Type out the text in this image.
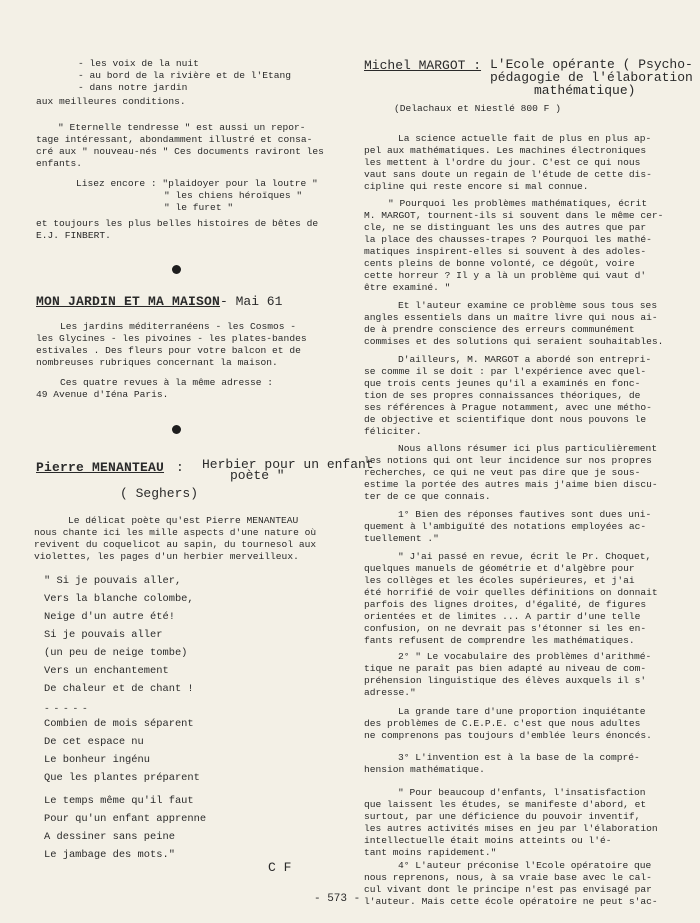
- les voix de la nuit
- au bord de la rivière et de l'Etang
- dans notre jardin
aux meilleures conditions.
" Eternelle tendresse " est aussi un repor-
tage intéressant, abondamment illustré et consa-
cré aux " nouveau-nés " Ces documents raviront les
enfants.
Lisez encore : "plaidoyer pour la loutre "
" les chiens héroïques "
" le furet "
et toujours les plus belles histoires de bêtes de
E.J. FINBERT.
MON JARDIN ET MA MAISON - Mai 61
Les jardins méditerranéens - les Cosmos -
les Glycines - les pivoines - les plates-bandes
estivales . Des fleurs pour votre balcon et de
nombreuses rubriques concernant la maison.
Ces quatre revues à la même adresse :
49 Avenue d'Iéna Paris.
Pierre MENANTEAU : Herbier pour un enfant
poète "
( Seghers)
Le délicat poète qu'est Pierre MENANTEAU
nous chante ici les mille aspects d'une nature où
revivent du coquelicot au sapin, du tournesol aux
violettes, les pages d'un herbier merveilleux.
" Si je pouvais aller,
Vers la blanche colombe,
Neige d'un autre été!
Si je pouvais aller
(un peu de neige tombe)
Vers un enchantement
De chaleur et de chant !
- - - - -
Combien de mois séparent
De cet espace nu
Le bonheur ingénu
Que les plantes préparent
Le temps même qu'il faut
Pour qu'un enfant apprenne
A dessiner sans peine
Le jambage des mots."
C F
Michel MARGOT : L'Ecole opérante ( Psycho-
pédagogie de l'élaboration
mathématique)
(Delachaux et Niestlé 800 F )
La science actuelle fait de plus en plus ap-
pel aux mathématiques. Les machines électroniques
les mettent à l'ordre du jour. C'est ce qui nous
vaut sans doute un regain de l'étude de cette dis-
cipline qui reste encore si mal connue.
" Pourquoi les problèmes mathématiques, écrit
M. MARGOT, tournent-ils si souvent dans le même cer-
cle, ne se distinguant les uns des autres que par
la place des chausses-trapes ? Pourquoi les mathé-
matiques inspirent-elles si souvent à des adoles-
cents pleins de bonne volonté, ce dégoût, voire
cette horreur ? Il y a là un problème qui vaut d'
être examiné. "
Et l'auteur examine ce problème sous tous ses
angles essentiels dans un maître livre qui nous ai-
de à prendre conscience des erreurs communément
commises et des solutions qui seraient souhaitables.
D'ailleurs, M. MARGOT a abordé son entrepri-
se comme il se doit : par l'expérience avec quel-
que trois cents jeunes qu'il a examinés en fonc-
tion de ses propres connaissances théoriques, de
ses références à Prague notamment, avec une métho-
de objective et scientifique dont nous pouvons le
féliciter.
Nous allons résumer ici plus particulièrement
les notions qui ont leur incidence sur nos propres
recherches, ce qui ne veut pas dire que je sous-
estime la portée des autres mais j'aime bien discu-
ter de ce que connais.
1° Bien des réponses fautives sont dues uni-
quement à l'ambiguïté des notations employées ac-
tuellement ."
" J'ai passé en revue, écrit le Pr. Choquet,
quelques manuels de géométrie et d'algèbre pour
les collèges et les écoles supérieures, et j'ai
été horrifié de voir quelles définitions on donnait
parfois des lignes droites, d'égalité, de figures
orientées et de limites ... A partir d'une telle
confusion, on ne devrait pas s'étonner si les en-
fants refusent de comprendre les mathématiques.
2° " Le vocabulaire des problèmes d'arithmé-
tique ne paraît pas bien adapté au niveau de com-
préhension linguistique des élèves auxquels il s'
adresse."
La grande tare d'une proportion inquiétante
des problèmes de C.E.P.E. c'est que nous adultes
ne comprenons pas toujours d'emblée leurs énoncés.
3° L'invention est à la base de la compré-
hension mathématique.
" Pour beaucoup d'enfants, l'insatisfaction
que laissent les études, se manifeste d'abord, et
surtout, par une déficience du pouvoir inventif,
les autres activités mises en jeu par l'élaboration
intellectuelle était moins atteints ou l'é-
tant moins rapidement."
4° L'auteur préconise l'Ecole opératoire que
nous reprenons, nous, à sa vraie base avec le cal-
cul vivant dont le principe n'est pas envisagé par
l'auteur. Mais cette école opératoire ne peut s'ac-
- 573 -
